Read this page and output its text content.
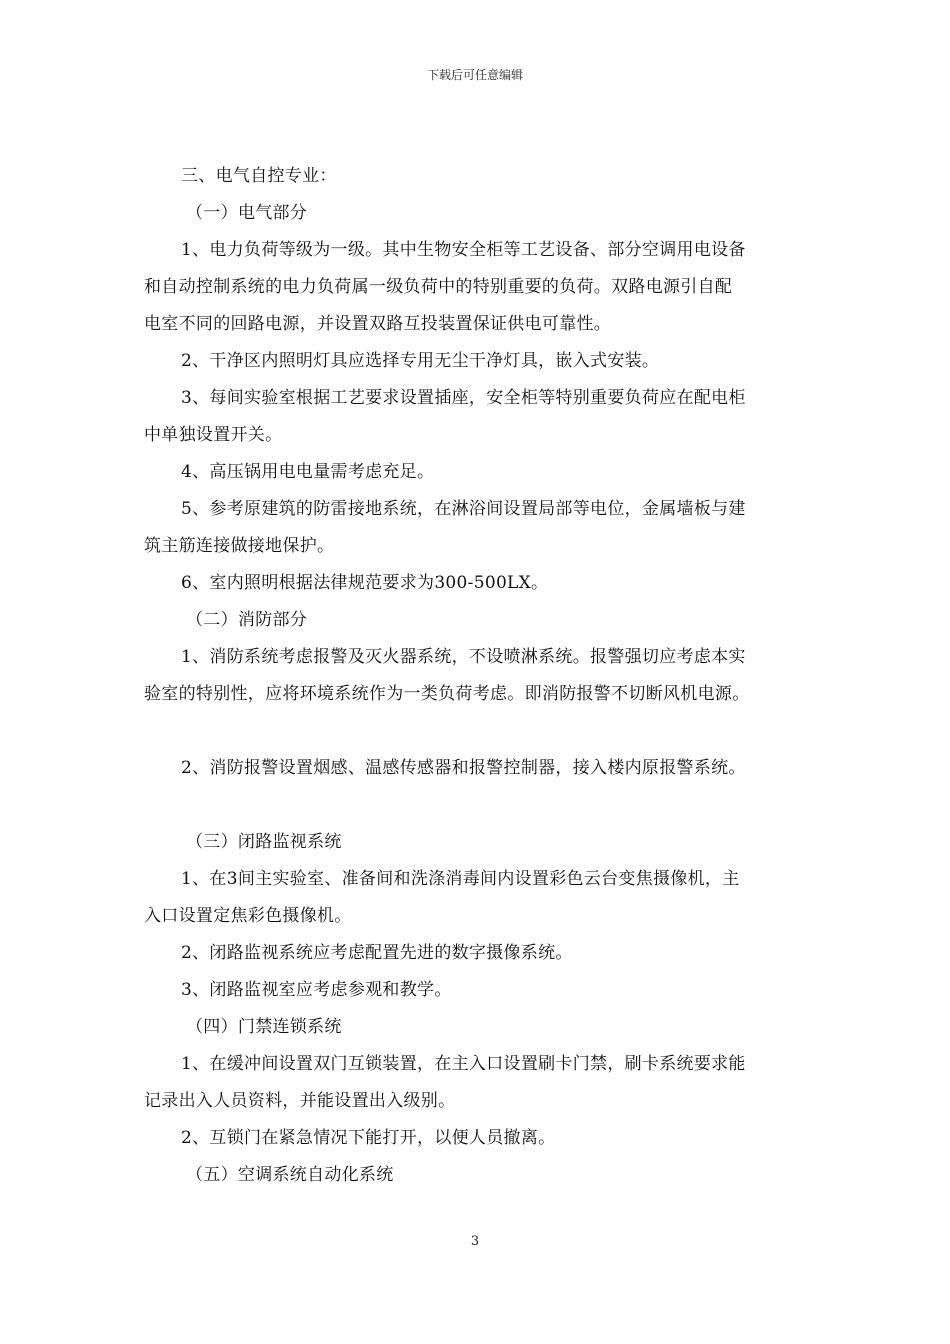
下载后可任意编辑
三、电气自控专业：
（一）电气部分
1、电力负荷等级为一级。其中生物安全柜等工艺设备、部分空调用电设备
和自动控制系统的电力负荷属一级负荷中的特别重要的负荷。双路电源引自配
电室不同的回路电源，并设置双路互投装置保证供电可靠性。
2、干净区内照明灯具应选择专用无尘干净灯具，嵌入式安装。
3、每间实验室根据工艺要求设置插座，安全柜等特别重要负荷应在配电柜
中单独设置开关。
4、高压锅用电电量需考虑充足。
5、参考原建筑的防雷接地系统，在淋浴间设置局部等电位，金属墙板与建
筑主筋连接做接地保护。
6、室内照明根据法律规范要求为300-500LX。
（二）消防部分
1、消防系统考虑报警及灭火器系统，不设喷淋系统。报警强切应考虑本实
验室的特别性，应将环境系统作为一类负荷考虑。即消防报警不切断风机电源。
2、消防报警设置烟感、温感传感器和报警控制器，接入楼内原报警系统。
（三）闭路监视系统
1、在3间主实验室、准备间和洗涤消毒间内设置彩色云台变焦摄像机，主
入口设置定焦彩色摄像机。
2、闭路监视系统应考虑配置先进的数字摄像系统。
3、闭路监视室应考虑参观和教学。
（四）门禁连锁系统
1、在缓冲间设置双门互锁装置，在主入口设置刷卡门禁，刷卡系统要求能
记录出入人员资料，并能设置出入级别。
2、互锁门在紧急情况下能打开，以便人员撤离。
（五）空调系统自动化系统
3
